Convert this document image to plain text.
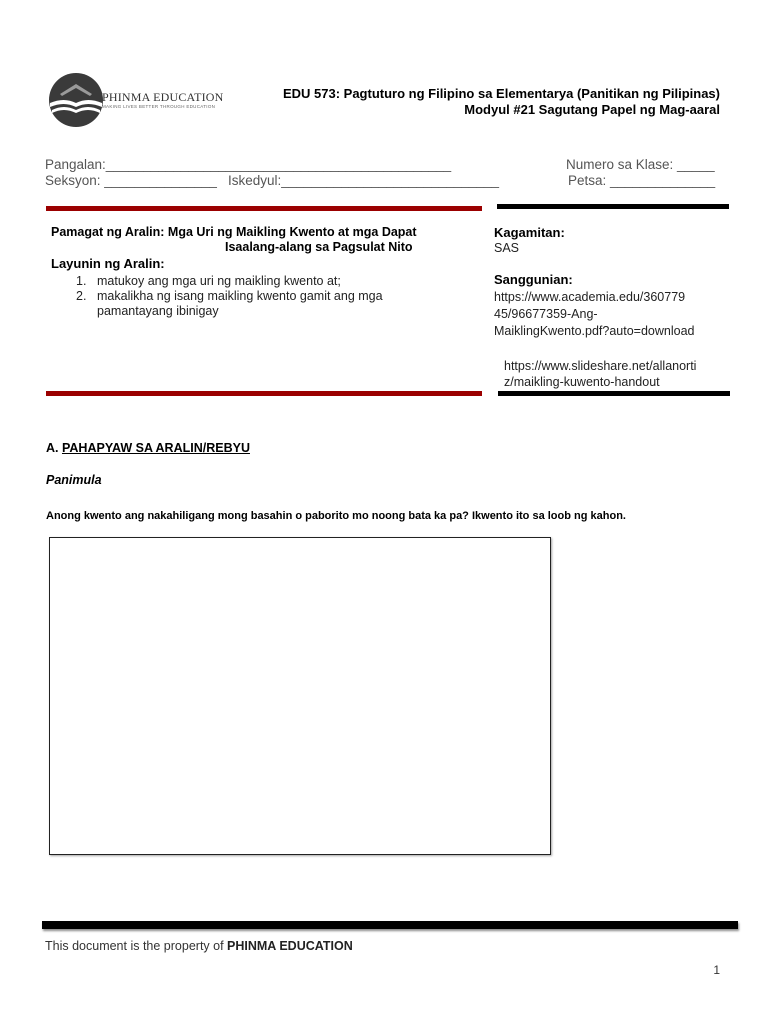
PHINMA EDUCATION
MAKING LIVES BETTER THROUGH EDUCATION
EDU 573: Pagtuturo ng Filipino sa Elementarya (Panitikan ng Pilipinas)
Modyul #21 Sagutang Papel ng Mag-aaral
Pangalan:______________________________________________	Numero sa Klase: _____
Seksyon: _______________ Iskedyul:_____________________________	Petsa: ______________
Pamagat ng Aralin: Mga Uri ng Maikling Kwento at mga Dapat
Isaalang-alang sa Pagsulat Nito
Layunin ng Aralin:
1. matukoy ang mga uri ng maikling kwento at;
2. makalikha ng isang maikling kwento gamit ang mga
pamantayang ibinigay
Kagamitan:
SAS
Sanggunian:
https://www.academia.edu/360779
45/96677359-Ang-
MaiklingKwento.pdf?auto=download
https://www.slideshare.net/allanorti
z/maikling-kuwento-handout
A. PAHAPYAW SA ARALIN/REBYU
Panimula
Anong kwento ang nakahiligang mong basahin o paborito mo noong bata ka pa? Ikwento ito sa loob ng kahon.
This document is the property of PHINMA EDUCATION
1
